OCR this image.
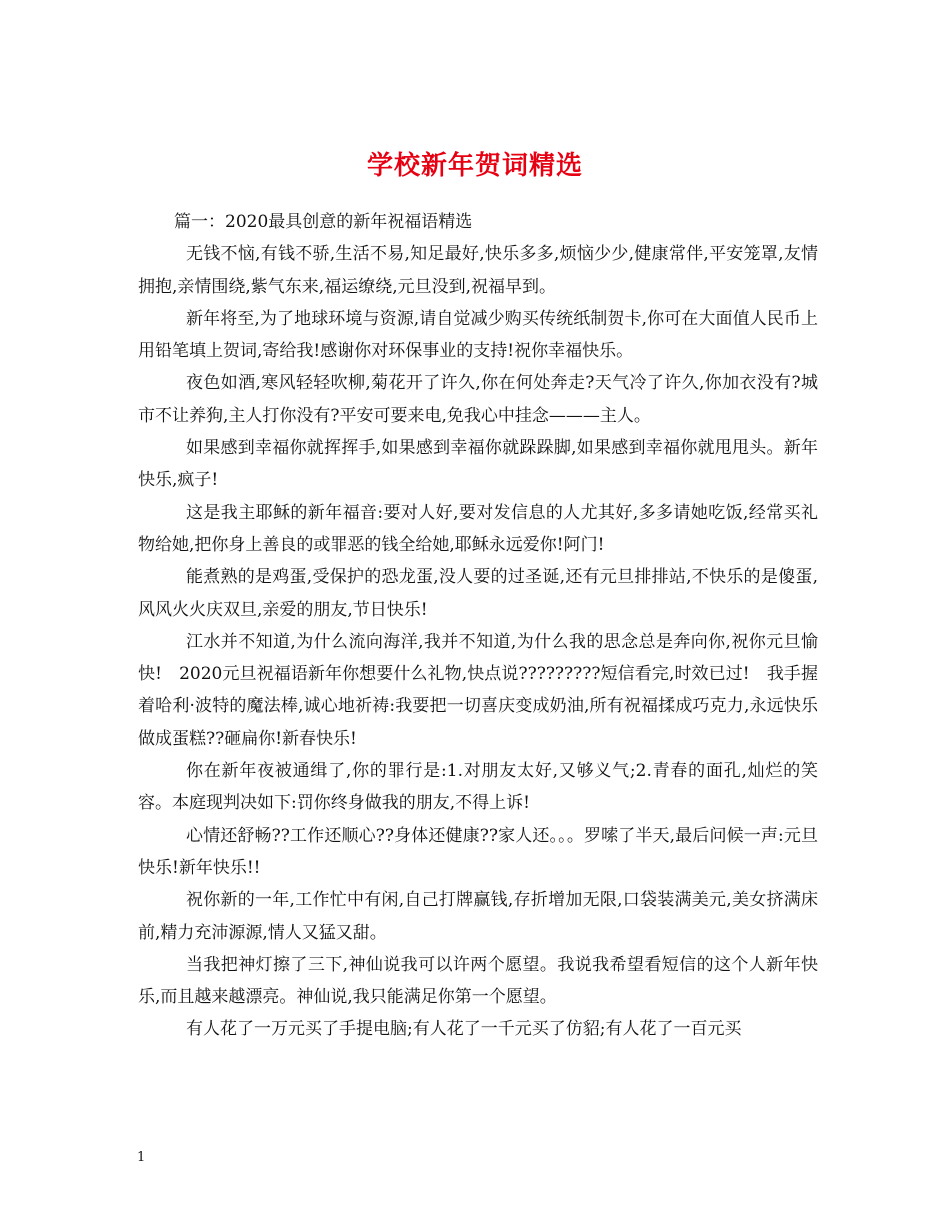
学校新年贺词精选

篇一：2020最具创意的新年祝福语精选

无钱不恼,有钱不骄,生活不易,知足最好,快乐多多,烦恼少少,健康常伴,平安笼罩,友情拥抱,亲情围绕,紫气东来,福运缭绕,元旦没到,祝福早到。

新年将至,为了地球环境与资源,请自觉减少购买传统纸制贺卡,你可在大面值人民币上用铅笔填上贺词,寄给我!感谢你对环保事业的支持!祝你幸福快乐。

夜色如酒,寒风轻轻吹柳,菊花开了许久,你在何处奔走?天气冷了许久,你加衣没有?城市不让养狗,主人打你没有?平安可要来电,免我心中挂念———主人。

如果感到幸福你就挥挥手,如果感到幸福你就跺跺脚,如果感到幸福你就甩甩头。新年快乐,疯子!

这是我主耶稣的新年福音:要对人好,要对发信息的人尤其好,多多请她吃饭,经常买礼物给她,把你身上善良的或罪恶的钱全给她,耶稣永远爱你!阿门!

能煮熟的是鸡蛋,受保护的恐龙蛋,没人要的过圣诞,还有元旦排排站,不快乐的是傻蛋,风风火火庆双旦,亲爱的朋友,节日快乐!

江水并不知道,为什么流向海洋,我并不知道,为什么我的思念总是奔向你,祝你元旦愉快!　2020元旦祝福语新年你想要什么礼物,快点说?????????短信看完,时效已过!　我手握着哈利·波特的魔法棒,诚心地祈祷:我要把一切喜庆变成奶油,所有祝福揉成巧克力,永远快乐做成蛋糕??砸扁你!新春快乐!

你在新年夜被通缉了,你的罪行是:1.对朋友太好,又够义气;2.青春的面孔,灿烂的笑容。本庭现判决如下:罚你终身做我的朋友,不得上诉!

心情还舒畅??工作还顺心??身体还健康??家人还。。。罗嗦了半天,最后问候一声:元旦快乐!新年快乐!!

祝你新的一年,工作忙中有闲,自己打牌赢钱,存折增加无限,口袋装满美元,美女挤满床前,精力充沛源源,情人又猛又甜。

当我把神灯擦了三下,神仙说我可以许两个愿望。我说我希望看短信的这个人新年快乐,而且越来越漂亮。神仙说,我只能满足你第一个愿望。

有人花了一万元买了手提电脑;有人花了一千元买了仿貂;有人花了一百元买

1
